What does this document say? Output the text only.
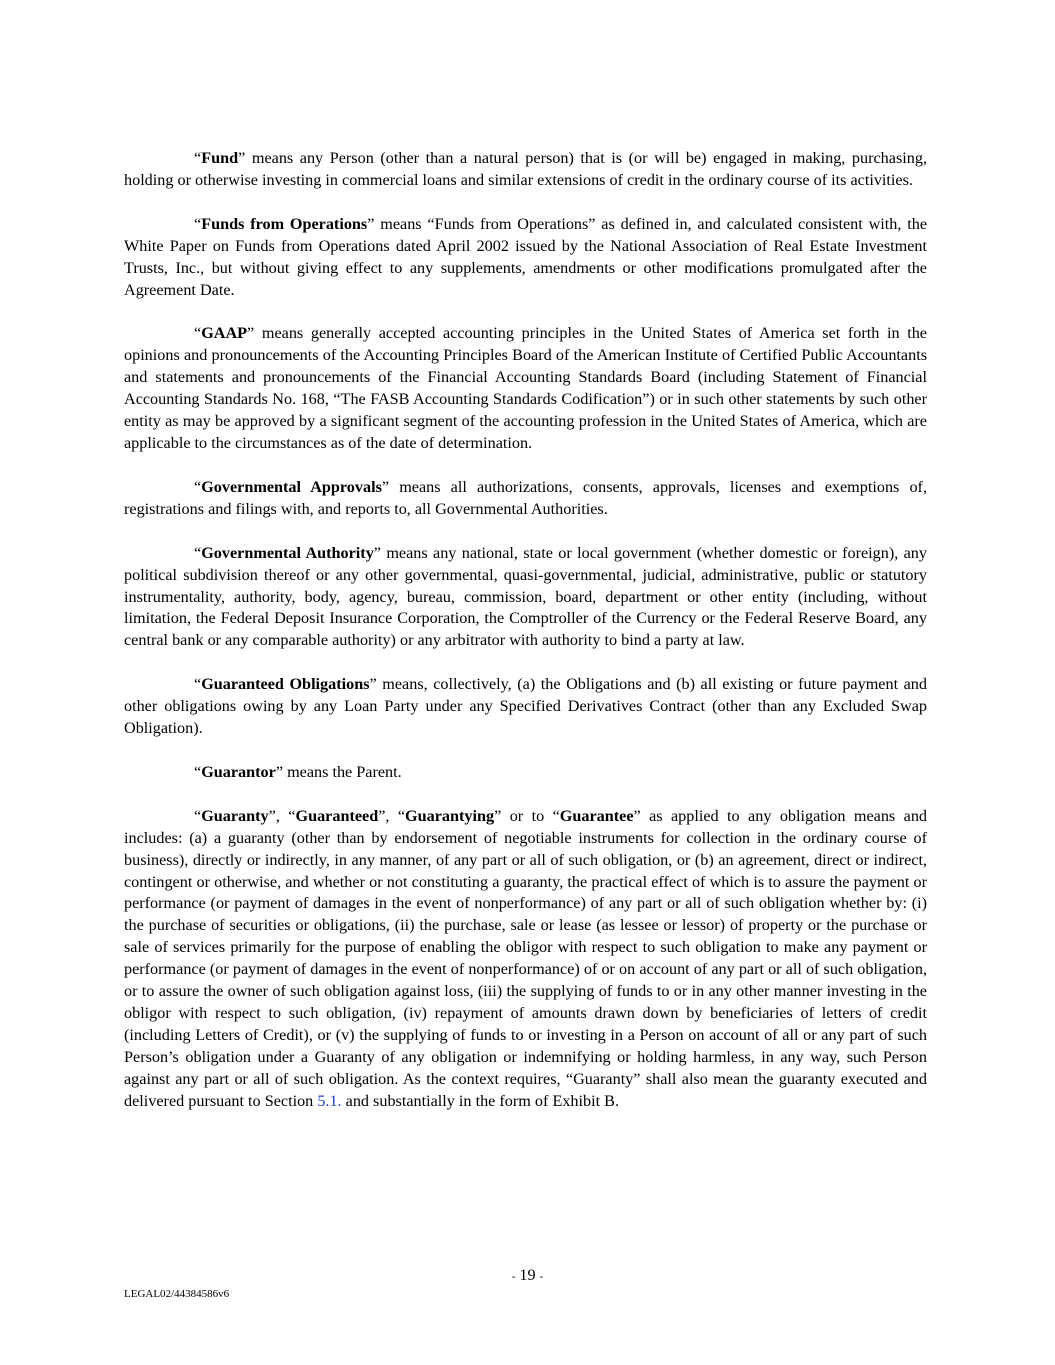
“Fund” means any Person (other than a natural person) that is (or will be) engaged in making, purchasing, holding or otherwise investing in commercial loans and similar extensions of credit in the ordinary course of its activities.

“Funds from Operations” means “Funds from Operations” as defined in, and calculated consistent with, the White Paper on Funds from Operations dated April 2002 issued by the National Association of Real Estate Investment Trusts, Inc., but without giving effect to any supplements, amendments or other modifications promulgated after the Agreement Date.

“GAAP” means generally accepted accounting principles in the United States of America set forth in the opinions and pronouncements of the Accounting Principles Board of the American Institute of Certified Public Accountants and statements and pronouncements of the Financial Accounting Standards Board (including Statement of Financial Accounting Standards No. 168, “The FASB Accounting Standards Codification”) or in such other statements by such other entity as may be approved by a significant segment of the accounting profession in the United States of America, which are applicable to the circumstances as of the date of determination.

“Governmental Approvals” means all authorizations, consents, approvals, licenses and exemptions of, registrations and filings with, and reports to, all Governmental Authorities.

“Governmental Authority” means any national, state or local government (whether domestic or foreign), any political subdivision thereof or any other governmental, quasi-governmental, judicial, administrative, public or statutory instrumentality, authority, body, agency, bureau, commission, board, department or other entity (including, without limitation, the Federal Deposit Insurance Corporation, the Comptroller of the Currency or the Federal Reserve Board, any central bank or any comparable authority) or any arbitrator with authority to bind a party at law.

“Guaranteed Obligations” means, collectively, (a) the Obligations and (b) all existing or future payment and other obligations owing by any Loan Party under any Specified Derivatives Contract (other than any Excluded Swap Obligation).

“Guarantor” means the Parent.

“Guaranty”, “Guaranteed”, “Guarantying” or to “Guarantee” as applied to any obligation means and includes: (a) a guaranty (other than by endorsement of negotiable instruments for collection in the ordinary course of business), directly or indirectly, in any manner, of any part or all of such obligation, or (b) an agreement, direct or indirect, contingent or otherwise, and whether or not constituting a guaranty, the practical effect of which is to assure the payment or performance (or payment of damages in the event of nonperformance) of any part or all of such obligation whether by: (i) the purchase of securities or obligations, (ii) the purchase, sale or lease (as lessee or lessor) of property or the purchase or sale of services primarily for the purpose of enabling the obligor with respect to such obligation to make any payment or performance (or payment of damages in the event of nonperformance) of or on account of any part or all of such obligation, or to assure the owner of such obligation against loss, (iii) the supplying of funds to or in any other manner investing in the obligor with respect to such obligation, (iv) repayment of amounts drawn down by beneficiaries of letters of credit (including Letters of Credit), or (v) the supplying of funds to or investing in a Person on account of all or any part of such Person’s obligation under a Guaranty of any obligation or indemnifying or holding harmless, in any way, such Person against any part or all of such obligation. As the context requires, “Guaranty” shall also mean the guaranty executed and delivered pursuant to Section 5.1. and substantially in the form of Exhibit B.

- 19 -
LEGAL02/44384586v6
